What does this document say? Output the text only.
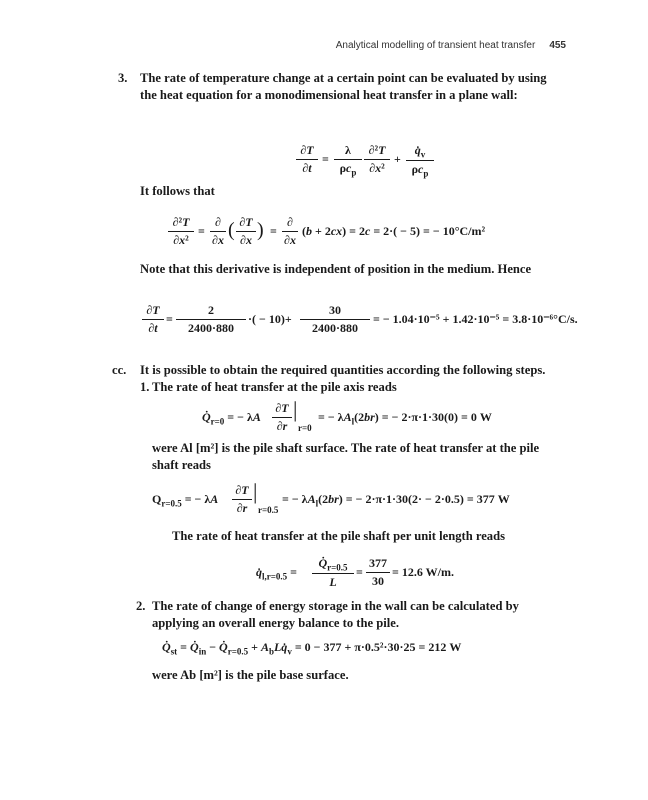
Analytical modelling of transient heat transfer 455
3. The rate of temperature change at a certain point can be evaluated by using the heat equation for a monodimensional heat transfer in a plane wall:
$\frac{\partial T}{\partial t}$ =
λ
$\rho c_p \frac{\text{∂²T}}{\text{∂x²}}$ +
$q̇_v$
$\rho c_p$
It follows that
$\frac{\text{∂²T}}{\text{∂x²}}$ =
∂
∂x ( $\frac{\partial T}{\partial x}$ ) =
∂
∂x
(b + 2cx) = 2c = 2·( − 5) = − 10°C/m²
Note that this derivative is independent of position in the medium. Hence
$\frac{\partial T}{\partial t} = \frac{2}{2400\cdot 880}$ ·( − $10)+ \frac{30}{2400\cdot 880}$ = − 1.04·10⁻⁵ + 1.42·10⁻⁵ = 3.8·10⁻⁶°C/s.
cc. It is possible to obtain the required quantities according the following steps.
1. The rate of heat transfer at the pile axis reads
$Q̇_{r=0}$ = − λA $\frac{\partial T}{\partial r}$ |
r=0
= − $\lambda A_l(2br)$ = − 2·π·1·30(0) = 0 W
were Al [m²] is the pile shaft surface. The rate of heat transfer at the pile shaft reads
$Q_{r=0.5}$ = − λA $\frac{\partial T}{\partial r}$ |
r=0.5
= − $\lambda A_l(2br)$ = − 2·π·1·30(2· − 2·0.5) = 377 W
The rate of heat transfer at the pile shaft per unit length reads
$q̇_{l,r=0.5} = \frac{Q̇_{r=0.5}}{L} = \frac{377}{30} = 12.6$ W/m.
2. The rate of change of energy storage in the wall can be calculated by applying an overall energy balance to the pile.
$Q̇_{st}$ = $Q̇_{in}$ − $Q̇_{r=0.5}$ + $A_bLq̇_v = 0 - 377 + \pi\cdot 0.5^2\cdot 30\cdot 25 = 212$ W
were Ab [m²] is the pile base surface.
